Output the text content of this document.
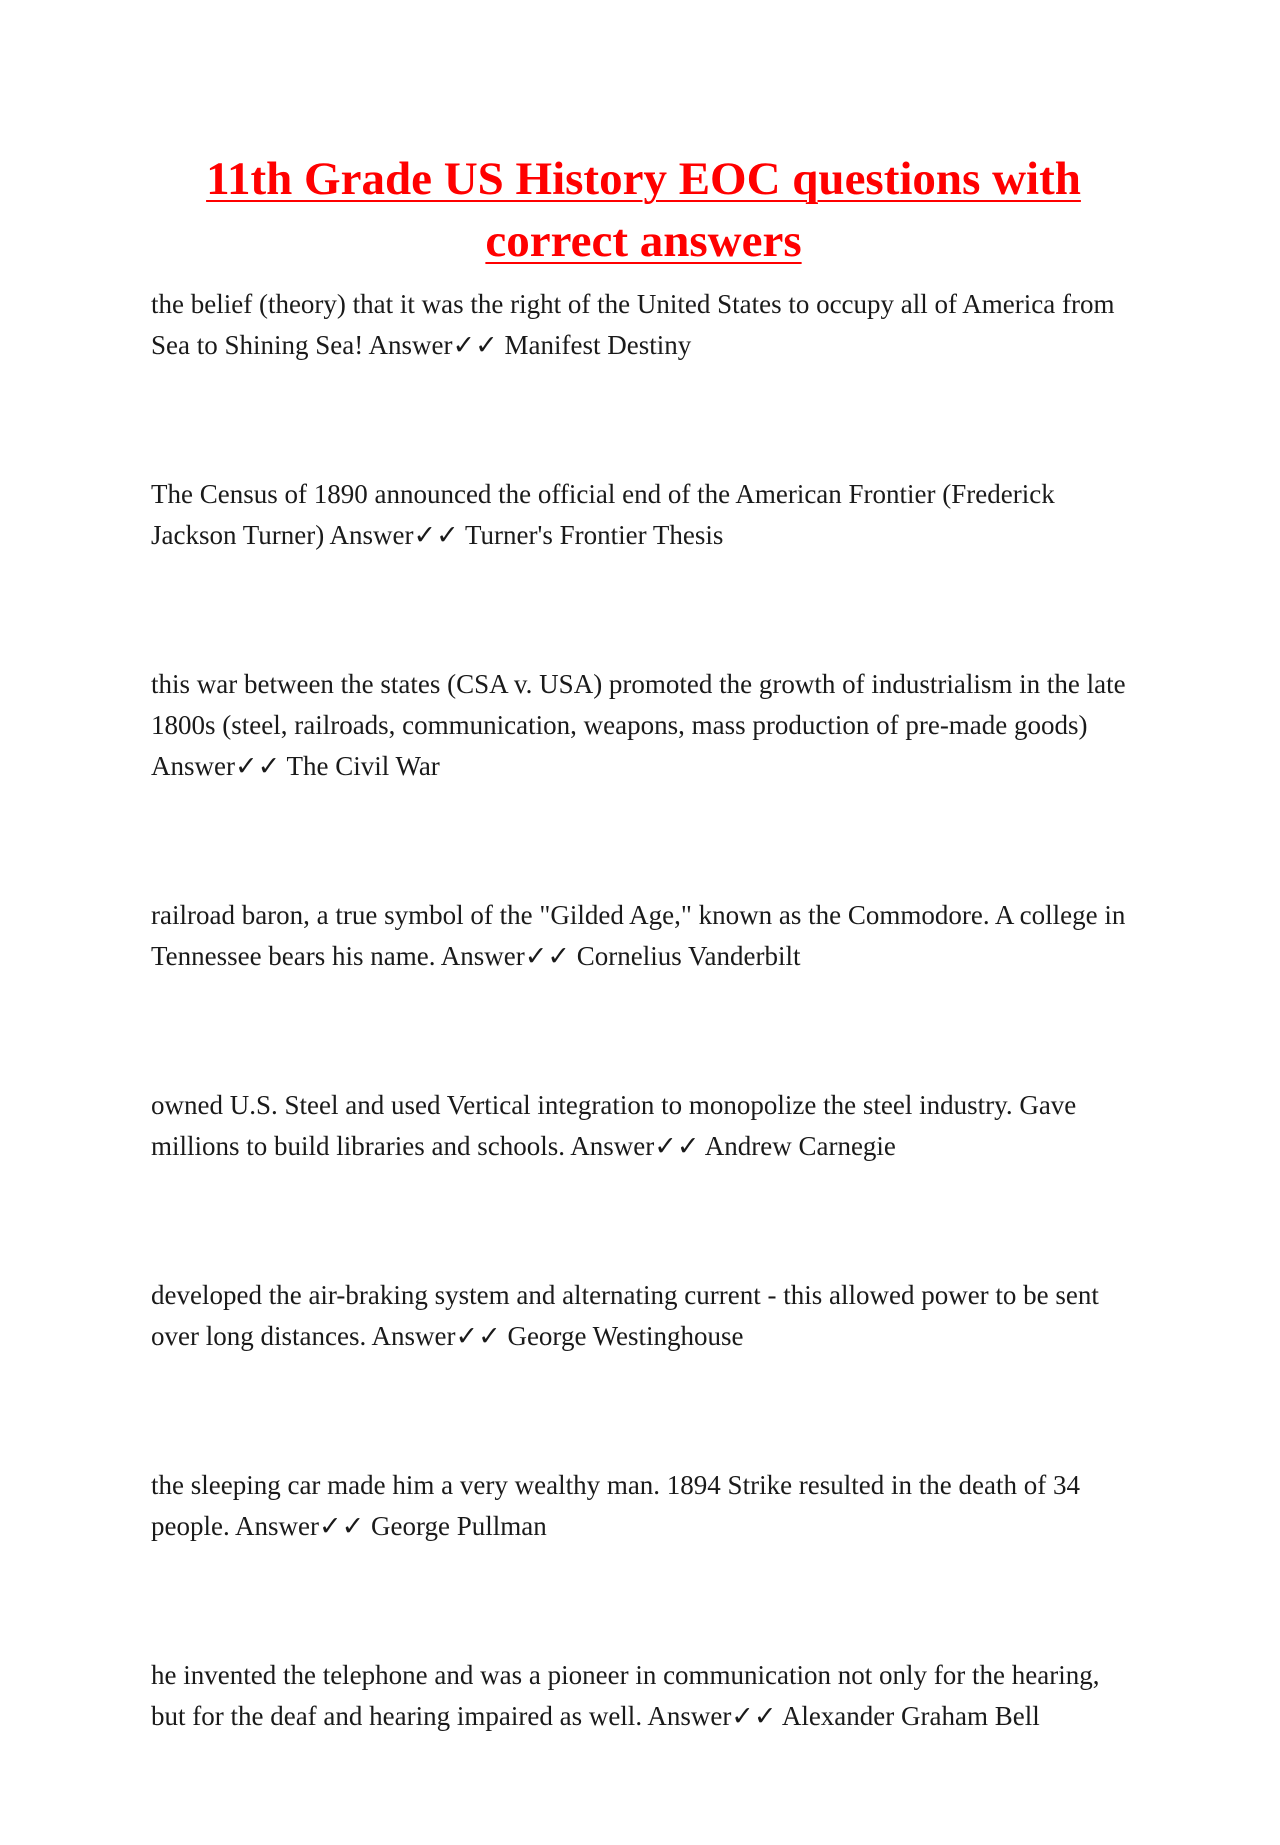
11th Grade US History EOC questions with correct answers

the belief (theory) that it was the right of the United States to occupy all of America from Sea to Shining Sea! Answer✓✓ Manifest Destiny

The Census of 1890 announced the official end of the American Frontier (Frederick Jackson Turner) Answer✓✓ Turner's Frontier Thesis

this war between the states (CSA v. USA) promoted the growth of industrialism in the late 1800s (steel, railroads, communication, weapons, mass production of pre-made goods) Answer✓✓ The Civil War

railroad baron, a true symbol of the "Gilded Age," known as the Commodore. A college in Tennessee bears his name. Answer✓✓ Cornelius Vanderbilt

owned U.S. Steel and used Vertical integration to monopolize the steel industry. Gave millions to build libraries and schools. Answer✓✓ Andrew Carnegie

developed the air-braking system and alternating current - this allowed power to be sent over long distances. Answer✓✓ George Westinghouse

the sleeping car made him a very wealthy man. 1894 Strike resulted in the death of 34 people. Answer✓✓ George Pullman

he invented the telephone and was a pioneer in communication not only for the hearing, but for the deaf and hearing impaired as well. Answer✓✓ Alexander Graham Bell
